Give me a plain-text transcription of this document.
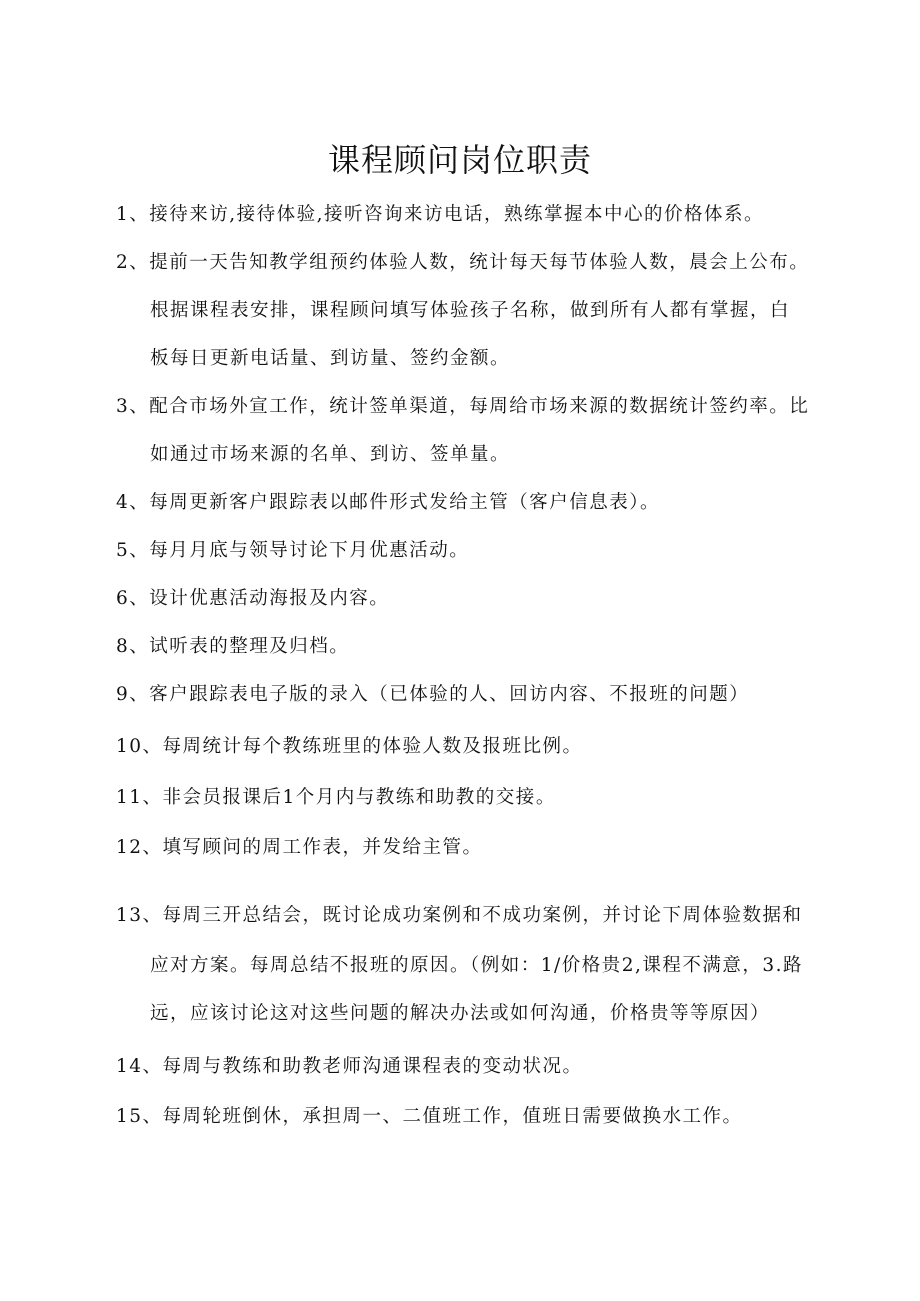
课程顾问岗位职责
1、接待来访,接待体验,接听咨询来访电话，熟练掌握本中心的价格体系。
2、提前一天告知教学组预约体验人数，统计每天每节体验人数，晨会上公布。
根据课程表安排，课程顾问填写体验孩子名称，做到所有人都有掌握，白
板每日更新电话量、到访量、签约金额。
3、配合市场外宣工作，统计签单渠道，每周给市场来源的数据统计签约率。比
如通过市场来源的名单、到访、签单量。
4、每周更新客户跟踪表以邮件形式发给主管（客户信息表）。
5、每月月底与领导讨论下月优惠活动。
6、设计优惠活动海报及内容。
8、试听表的整理及归档。
9、客户跟踪表电子版的录入（已体验的人、回访内容、不报班的问题）
10、每周统计每个教练班里的体验人数及报班比例。
11、非会员报课后1个月内与教练和助教的交接。
12、填写顾问的周工作表，并发给主管。
13、每周三开总结会，既讨论成功案例和不成功案例，并讨论下周体验数据和
应对方案。每周总结不报班的原因。（例如：1/价格贵2,课程不满意，3.路
远，应该讨论这对这些问题的解决办法或如何沟通，价格贵等等原因）
14、每周与教练和助教老师沟通课程表的变动状况。
15、每周轮班倒休，承担周一、二值班工作，值班日需要做换水工作。
